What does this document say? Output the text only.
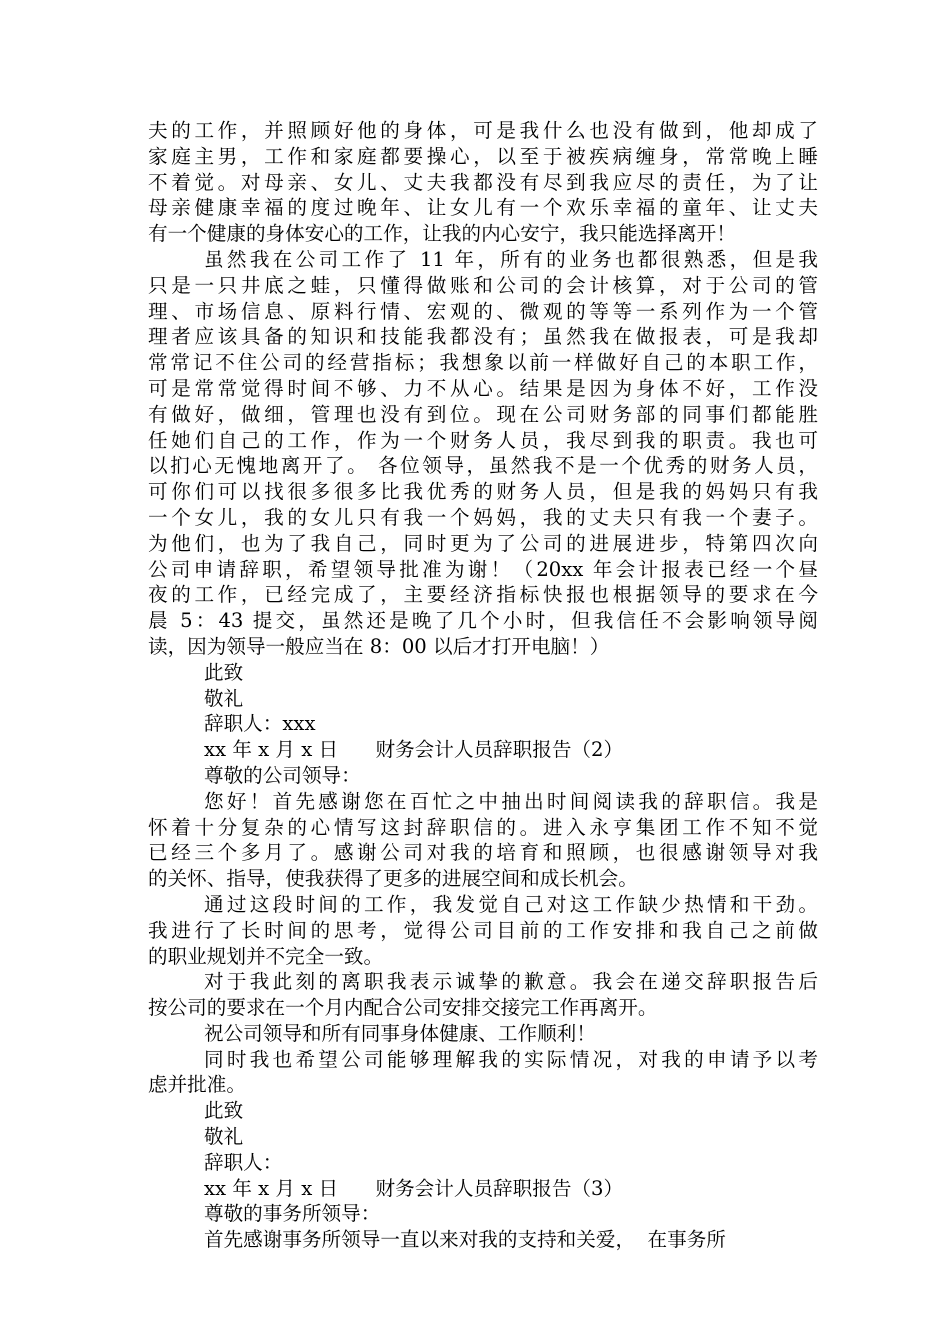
夫的工作，并照顾好他的身体，可是我什么也没有做到，他却成了
家庭主男，工作和家庭都要操心，以至于被疾病缠身，常常晚上睡
不着觉。对母亲、女儿、丈夫我都没有尽到我应尽的责任，为了让
母亲健康幸福的度过晚年、让女儿有一个欢乐幸福的童年、让丈夫
有一个健康的身体安心的工作，让我的内心安宁，我只能选择离开！
虽然我在公司工作了 11 年，所有的业务也都很熟悉，但是我
只是一只井底之蛙，只懂得做账和公司的会计核算，对于公司的管
理、市场信息、原料行情、宏观的、微观的等等一系列作为一个管
理者应该具备的知识和技能我都没有；虽然我在做报表，可是我却
常常记不住公司的经营指标；我想象以前一样做好自己的本职工作，
可是常常觉得时间不够、力不从心。结果是因为身体不好，工作没
有做好，做细，管理也没有到位。现在公司财务部的同事们都能胜
任她们自己的工作，作为一个财务人员，我尽到我的职责。我也可
以扪心无愧地离开了。 各位领导，虽然我不是一个优秀的财务人员，
可你们可以找很多很多比我优秀的财务人员，但是我的妈妈只有我
一个女儿，我的女儿只有我一个妈妈，我的丈夫只有我一个妻子。
为他们，也为了我自己，同时更为了公司的进展进步，特第四次向
公司申请辞职，希望领导批准为谢！（20xx 年会计报表已经一个昼
夜的工作，已经完成了，主要经济指标快报也根据领导的要求在今
晨 5：43 提交，虽然还是晚了几个小时，但我信任不会影响领导阅
读，因为领导一般应当在 8：00 以后才打开电脑！）
此致
敬礼
辞职人：xxx
xx 年 x 月 x 日      财务会计人员辞职报告（2）
尊敬的公司领导：
您好！首先感谢您在百忙之中抽出时间阅读我的辞职信。我是
怀着十分复杂的心情写这封辞职信的。进入永亨集团工作不知不觉
已经三个多月了。感谢公司对我的培育和照顾，也很感谢领导对我
的关怀、指导，使我获得了更多的进展空间和成长机会。
通过这段时间的工作，我发觉自己对这工作缺少热情和干劲。
我进行了长时间的思考，觉得公司目前的工作安排和我自己之前做
的职业规划并不完全一致。
对于我此刻的离职我表示诚挚的歉意。我会在递交辞职报告后
按公司的要求在一个月内配合公司安排交接完工作再离开。
祝公司领导和所有同事身体健康、工作顺利！
同时我也希望公司能够理解我的实际情况，对我的申请予以考
虑并批准。
此致
敬礼
辞职人：
xx 年 x 月 x 日      财务会计人员辞职报告（3）
尊敬的事务所领导：
首先感谢事务所领导一直以来对我的支持和关爱，  在事务所
